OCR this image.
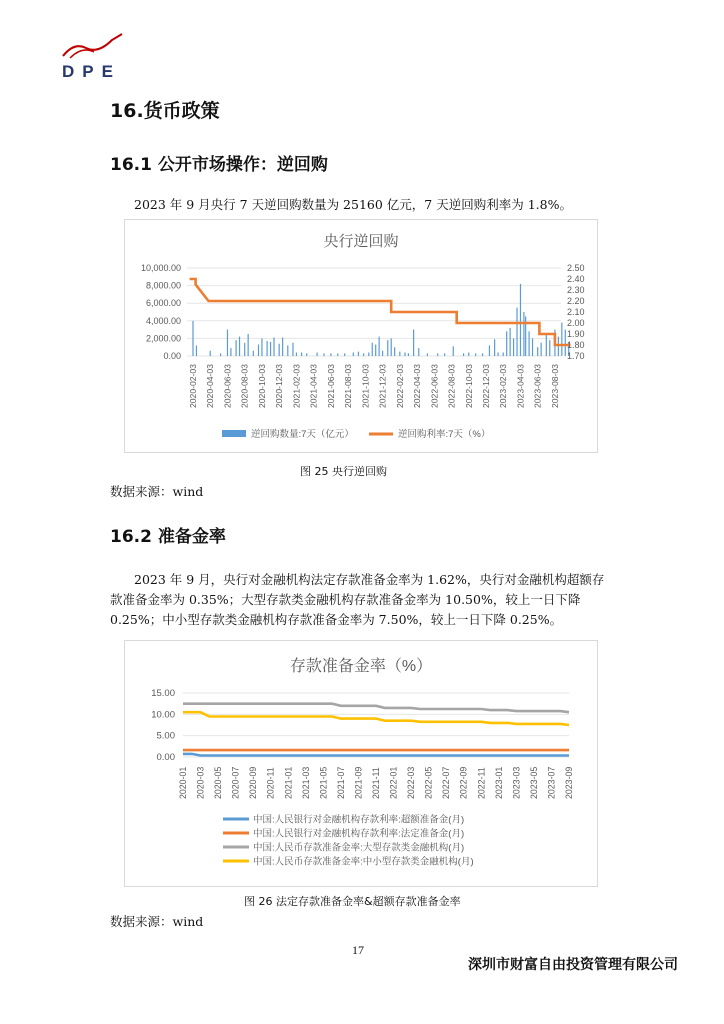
DPE
16.货币政策
16.1 公开市场操作：逆回购
2023 年 9 月央行 7 天逆回购数量为 25160 亿元，7 天逆回购利率为 1.8%。
央行逆回购
0.00
2,000.00
4,000.00
6,000.00
8,000.00
10,000.00
1.70
1.80
1.90
2.00
2.10
2.20
2.30
2.40
2.50
2020-02-03 2020-04-03 2020-06-03 2020-08-03 2020-10-03 2020-12-03 2021-02-03 2021-04-03 2021-06-03 2021-08-03 2021-10-03 2021-12-03 2022-02-03 2022-04-03 2022-06-03 2022-08-03 2022-10-03 2022-12-03 2023-02-03 2023-04-03 2023-06-03 2023-08-03
逆回购数量:7天（亿元）	逆回购利率:7天（%）
图 25 央行逆回购
数据来源：wind
16.2 准备金率
2023 年 9 月，央行对金融机构法定存款准备金率为 1.62%，央行对金融机构超额存款准备金率为 0.35%；大型存款类金融机构存款准备金率为 10.50%，较上一日下降 0.25%；中小型存款类金融机构存款准备金率为 7.50%，较上一日下降 0.25%。
存款准备金率（%）
0.00
5.00
10.00
15.00
2020-01 2020-03 2020-05 2020-07 2020-09 2020-11 2021-01 2021-03 2021-05 2021-07 2021-09 2021-11 2022-01 2022-03 2022-05 2022-07 2022-09 2022-11 2023-01 2023-03 2023-05 2023-07 2023-09
中国:人民银行对金融机构存款利率:超额准备金(月)
中国:人民银行对金融机构存款利率:法定准备金(月)
中国:人民币存款准备金率:大型存款类金融机构(月)
中国:人民币存款准备金率:中小型存款类金融机构(月)
图 26 法定存款准备金率&超额存款准备金率
数据来源：wind
17
深圳市财富自由投资管理有限公司
